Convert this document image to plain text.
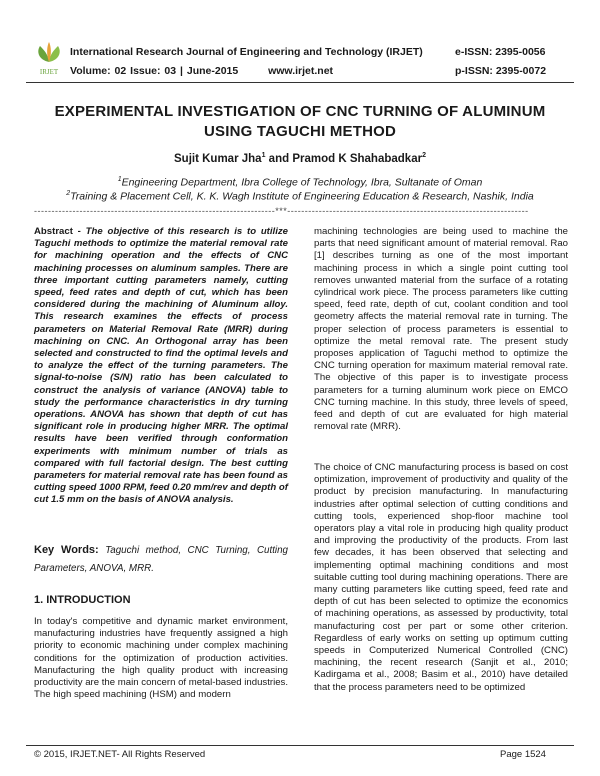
IRJET
International Research Journal of Engineering and Technology (IRJET)
Volume: 02 Issue: 03 | June-2015	www.irjet.net
e-ISSN: 2395-0056
p-ISSN: 2395-0072
EXPERIMENTAL INVESTIGATION OF CNC TURNING OF ALUMINUM USING TAGUCHI METHOD
Sujit Kumar Jha$^1$ and Pramod K Shahabadkar$^2$
$^1$Engineering Department, Ibra College of Technology, Ibra, Sultanate of Oman
$^2$Training & Placement Cell, K. K. Wagh Institute of Engineering Education & Research, Nashik, India
---------------------------------------------------------------------***---------------------------------------------------------------------
Abstract - The objective of this research is to utilize Taguchi methods to optimize the material removal rate for machining operation and the effects of CNC machining processes on aluminum samples. There are three important cutting parameters namely, cutting speed, feed rates and depth of cut, which has been considered during the machining of Aluminum alloy. This research examines the effects of process parameters on Material Removal Rate (MRR) during machining on CNC. An Orthogonal array has been selected and constructed to find the optimal levels and to analyze the effect of the turning parameters. The signal-to-noise (S/N) ratio has been calculated to construct the analysis of variance (ANOVA) table to study the performance characteristics in dry turning operations. ANOVA has shown that depth of cut has significant role in producing higher MRR. The optimal results have been verified through conformation experiments with minimum number of trials as compared with full factorial design. The best cutting parameters for material removal rate has been found as cutting speed 1000 RPM, feed 0.20 mm/rev and depth of cut 1.5 mm on the basis of ANOVA analysis.
Key Words: Taguchi method, CNC Turning, Cutting Parameters, ANOVA, MRR.
1. INTRODUCTION
In today's competitive and dynamic market environment, manufacturing industries have frequently assigned a high priority to economic machining under complex machining conditions for the optimization of production activities. Manufacturing the high quality product with increasing productivity are the main concern of metal-based industries. The high speed machining (HSM) and modern
machining technologies are being used to machine the parts that need significant amount of material removal. Rao [1] describes turning as one of the most important machining process in which a single point cutting tool removes unwanted material from the surface of a rotating cylindrical work piece. The process parameters like cutting speed, feed rate, depth of cut, coolant condition and tool geometry affects the material removal rate in turning. The proper selection of process parameters is essential to optimize the metal removal rate. The present study proposes application of Taguchi method to optimize the CNC turning operation for maximum material removal rate. The objective of this paper is to investigate process parameters for a turning aluminum work piece on EMCO CNC turning machine. In this study, three levels of speed, feed and depth of cut are evaluated for high material removal rate (MRR).
The choice of CNC manufacturing process is based on cost optimization, improvement of productivity and quality of the product by precision manufacturing. In manufacturing industries after optimal selection of cutting conditions and cutting tools, experienced shop-floor machine tool operators play a vital role in producing high quality product and improving the productivity of the products. From last few decades, it has been observed that selecting and implementing optimal machining conditions and most suitable cutting tool during machining operations. There are many cutting parameters like cutting speed, feed rate and depth of cut has been selected to optimize the economics of machining operations, as assessed by productivity, total manufacturing cost per part or some other criterion. Regardless of early works on setting up optimum cutting speeds in Computerized Numerical Controlled (CNC) machining, the recent research (Sanjit et al., 2010; Kadirgama et al., 2008; Basim et al., 2010) have detailed that the process parameters need to be optimized
© 2015, IRJET.NET- All Rights Reserved	Page 1524
